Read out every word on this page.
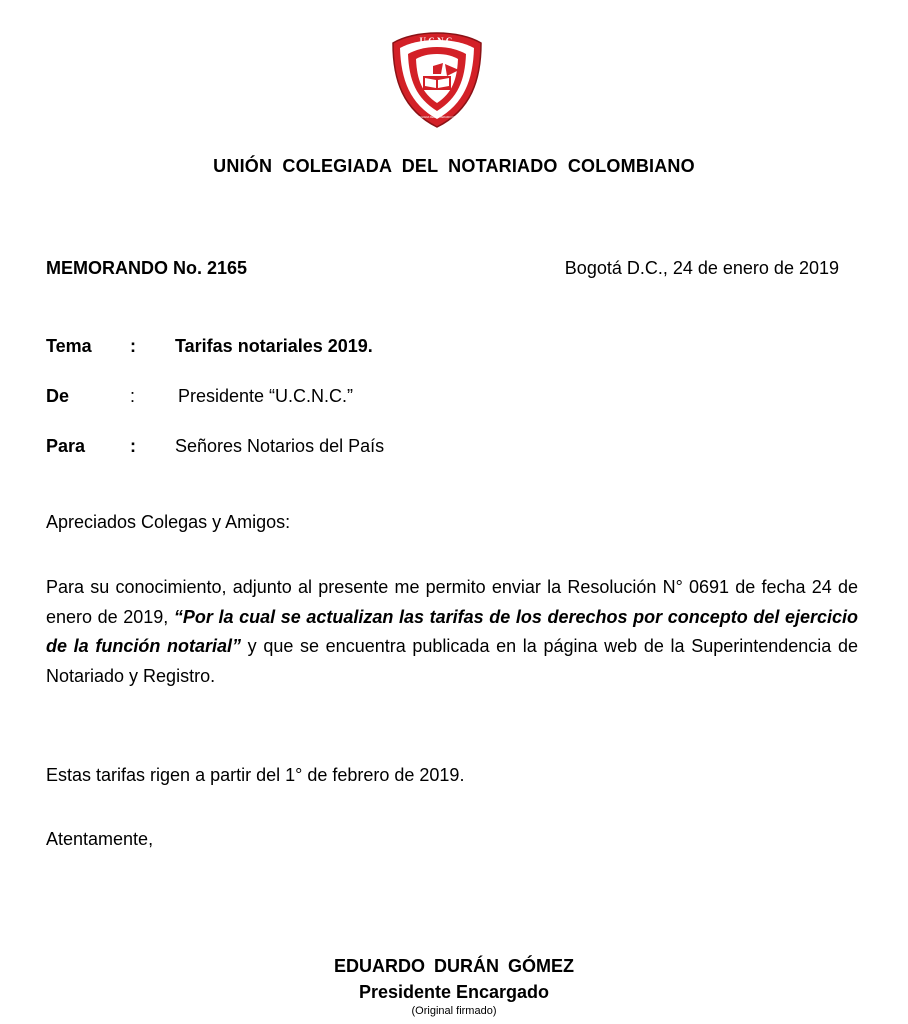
U.C.N.C.
UNIÓN COLEGIADA DEL NOTARIADO COLOMBIANO
UNIÓN COLEGIADA DEL NOTARIADO COLOMBIANO
MEMORANDO No. 2165	Bogotá D.C., 24 de enero de 2019
Tema : Tarifas notariales 2019.
De	: Presidente “U.C.N.C.”
Para : Señores Notarios del País
Apreciados Colegas y Amigos:
Para su conocimiento, adjunto al presente me permito enviar la Resolución N° 0691 de fecha 24 de enero de 2019, “Por la cual se actualizan las tarifas de los derechos por concepto del ejercicio de la función notarial” y que se encuentra publicada en la página web de la Superintendencia de Notariado y Registro.
Estas tarifas rigen a partir del 1° de febrero de 2019.
Atentamente,
EDUARDO DURÁN GÓMEZ
Presidente Encargado
(Original firmado)
